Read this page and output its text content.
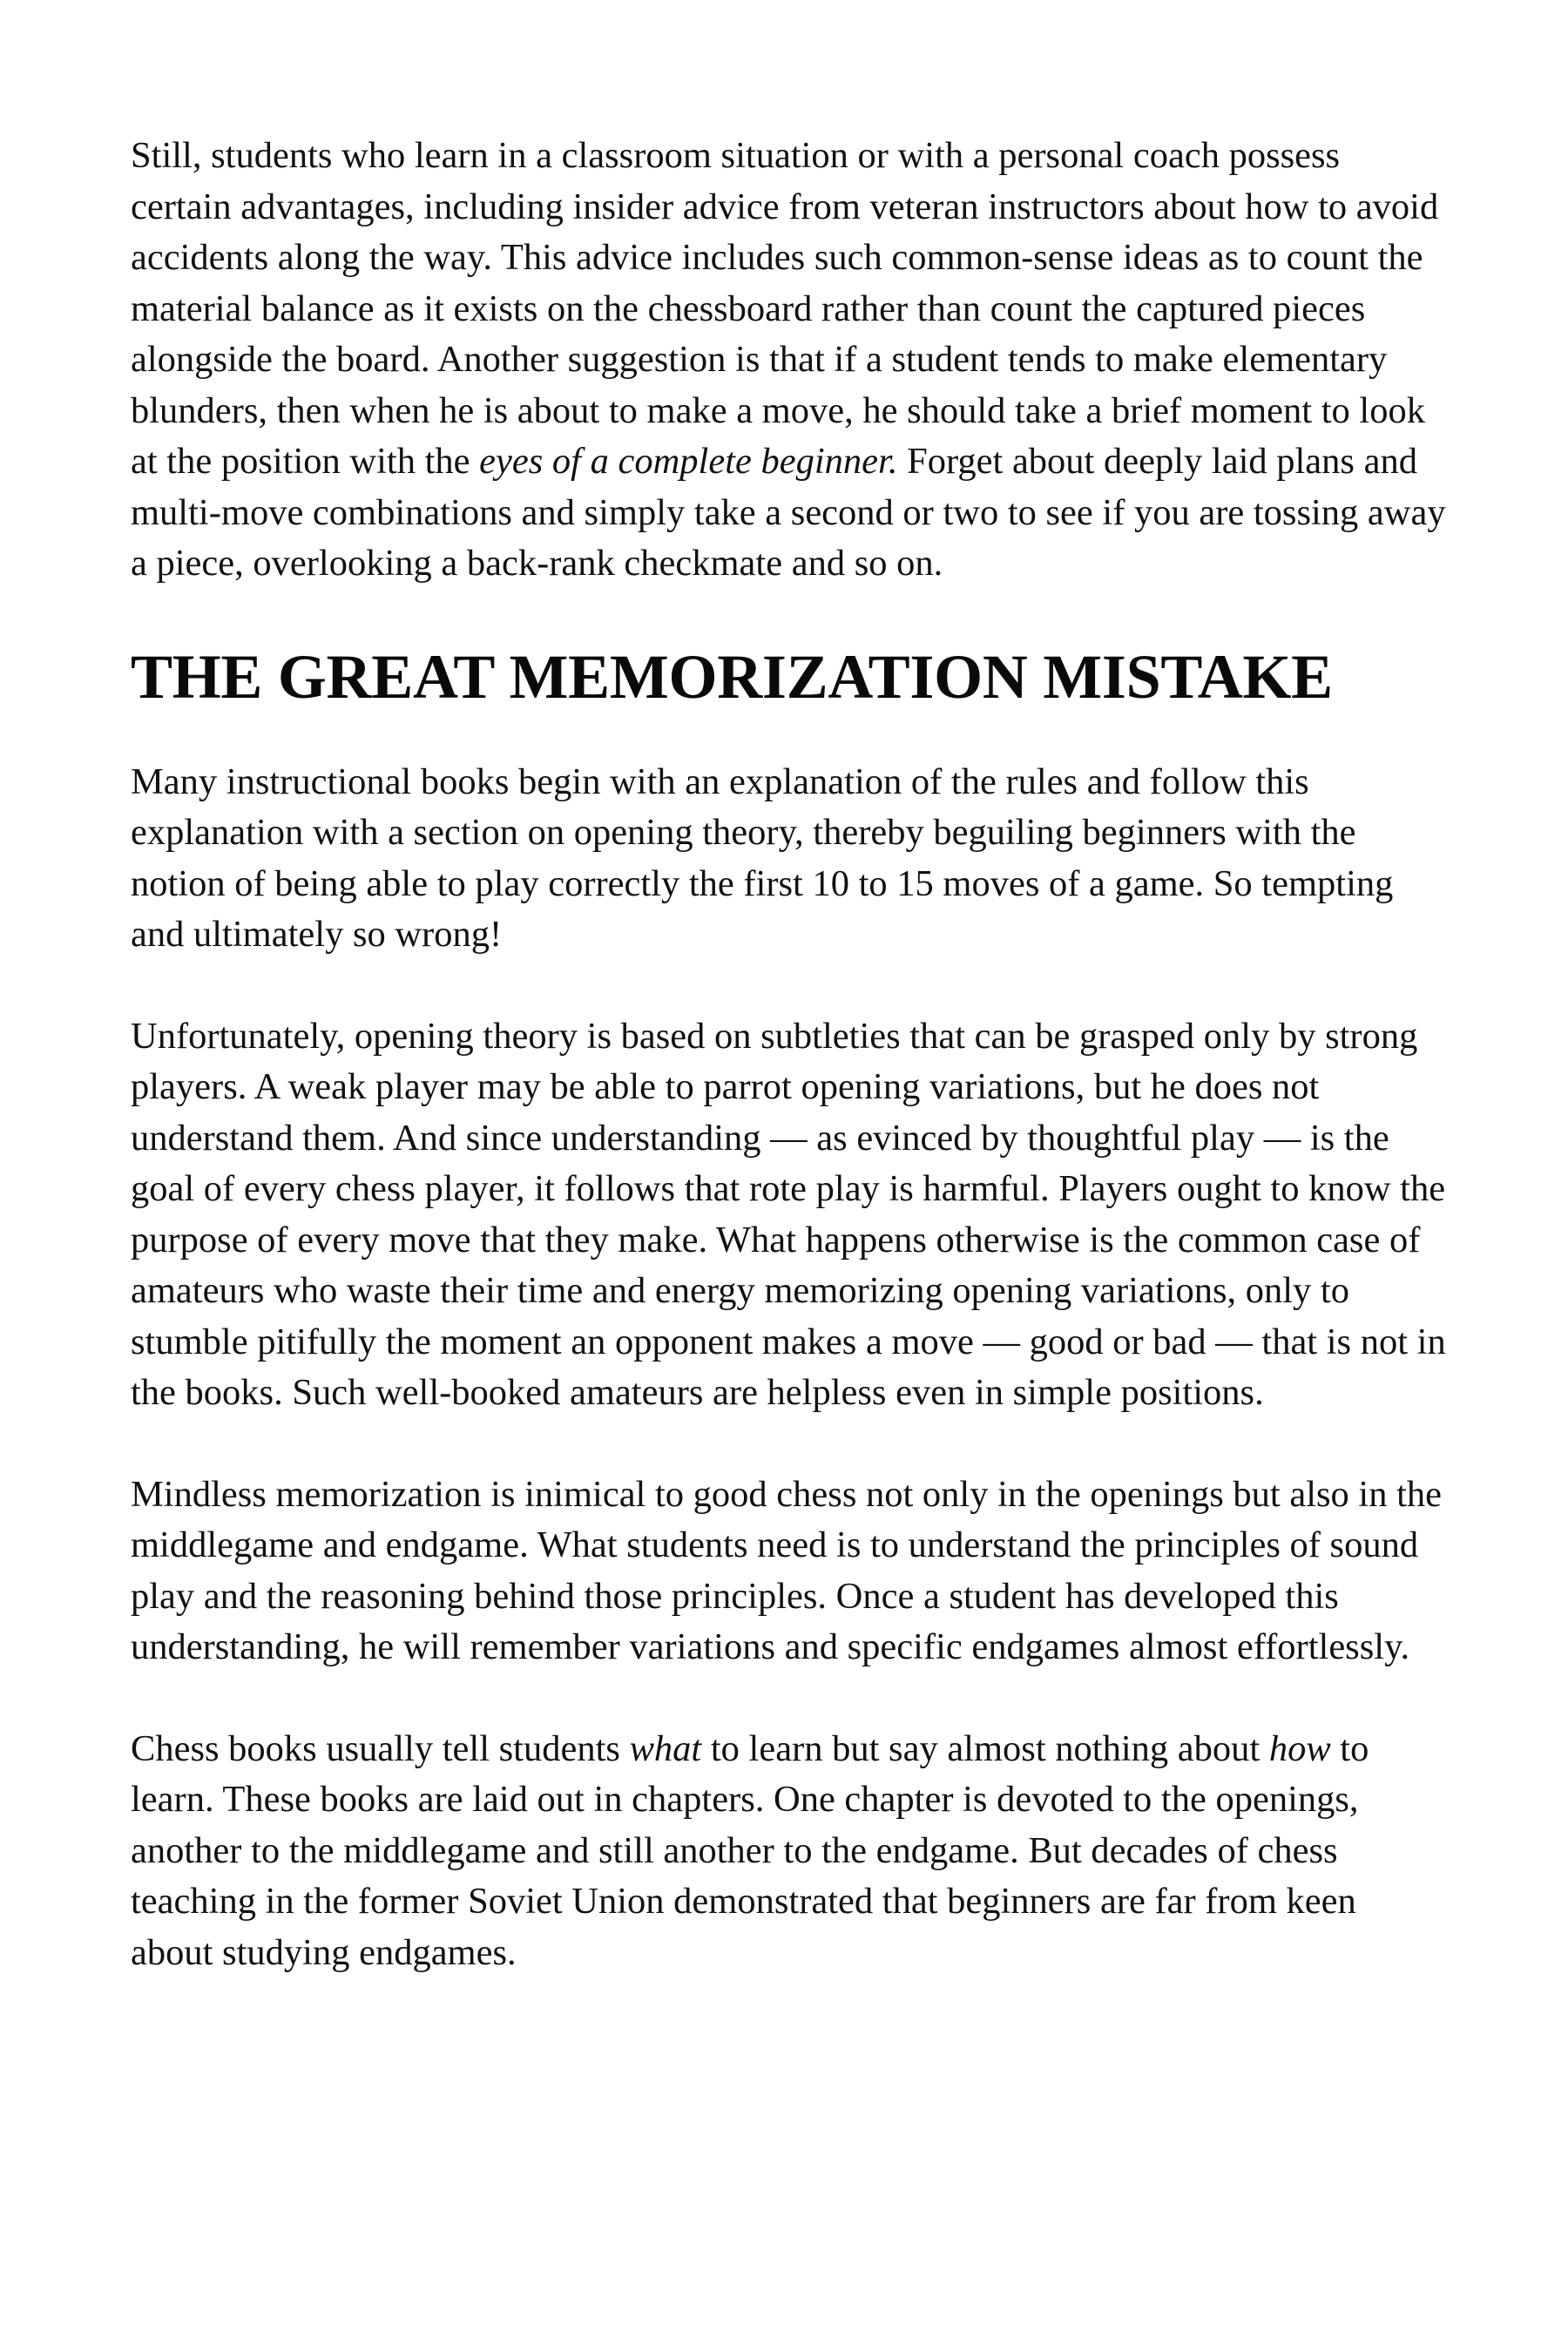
Still, students who learn in a classroom situation or with a personal coach possess certain advantages, including insider advice from veteran instructors about how to avoid accidents along the way. This advice includes such common-sense ideas as to count the material balance as it exists on the chessboard rather than count the captured pieces alongside the board. Another suggestion is that if a student tends to make elementary blunders, then when he is about to make a move, he should take a brief moment to look at the position with the eyes of a complete beginner. Forget about deeply laid plans and multi-move combinations and simply take a second or two to see if you are tossing away a piece, overlooking a back-rank checkmate and so on.

THE GREAT MEMORIZATION MISTAKE

Many instructional books begin with an explanation of the rules and follow this explanation with a section on opening theory, thereby beguiling beginners with the notion of being able to play correctly the first 10 to 15 moves of a game. So tempting and ultimately so wrong!

Unfortunately, opening theory is based on subtleties that can be grasped only by strong players. A weak player may be able to parrot opening variations, but he does not understand them. And since understanding — as evinced by thoughtful play — is the goal of every chess player, it follows that rote play is harmful. Players ought to know the purpose of every move that they make. What happens otherwise is the common case of amateurs who waste their time and energy memorizing opening variations, only to stumble pitifully the moment an opponent makes a move — good or bad — that is not in the books. Such well-booked amateurs are helpless even in simple positions.

Mindless memorization is inimical to good chess not only in the openings but also in the middlegame and endgame. What students need is to understand the principles of sound play and the reasoning behind those principles. Once a student has developed this understanding, he will remember variations and specific endgames almost effortlessly.

Chess books usually tell students what to learn but say almost nothing about how to learn. These books are laid out in chapters. One chapter is devoted to the openings, another to the middlegame and still another to the endgame. But decades of chess teaching in the former Soviet Union demonstrated that beginners are far from keen about studying endgames.
